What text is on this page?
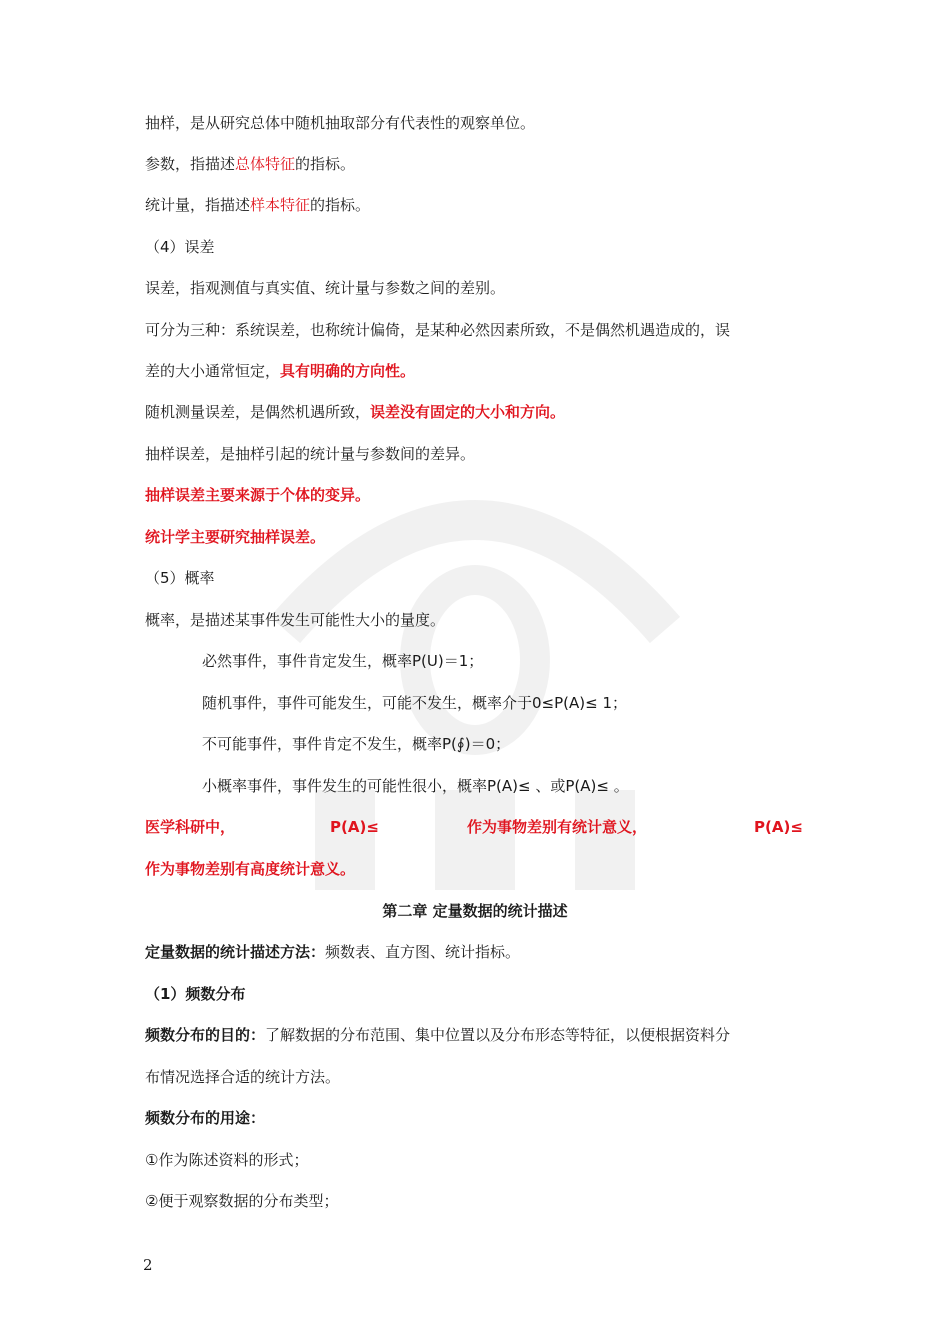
抽样，是从研究总体中随机抽取部分有代表性的观察单位。
参数，指描述总体特征的指标。
统计量，指描述样本特征的指标。
（4）误差
误差，指观测值与真实值、统计量与参数之间的差别。
可分为三种：系统误差，也称统计偏倚，是某种必然因素所致，不是偶然机遇造成的，误
差的大小通常恒定，具有明确的方向性。
随机测量误差，是偶然机遇所致，误差没有固定的大小和方向。
抽样误差，是抽样引起的统计量与参数间的差异。
抽样误差主要来源于个体的变异。
统计学主要研究抽样误差。
（5）概率
概率，是描述某事件发生可能性大小的量度。
必然事件，事件肯定发生，概率P(U)＝1；
随机事件，事件可能发生，可能不发生，概率介于0≤P(A)≤ 1；
不可能事件，事件肯定不发生，概率P(∮)＝0；
小概率事件，事件发生的可能性很小，概率P(A)≤ 、或P(A)≤ 。
医学科研中，	P(A)≤	作为事物差别有统计意义，	P(A)≤
作为事物差别有高度统计意义。
第二章 定量数据的统计描述
定量数据的统计描述方法：频数表、直方图、统计指标。
（1）频数分布
频数分布的目的：了解数据的分布范围、集中位置以及分布形态等特征，以便根据资料分
布情况选择合适的统计方法。
频数分布的用途：
①作为陈述资料的形式；
②便于观察数据的分布类型；
2
